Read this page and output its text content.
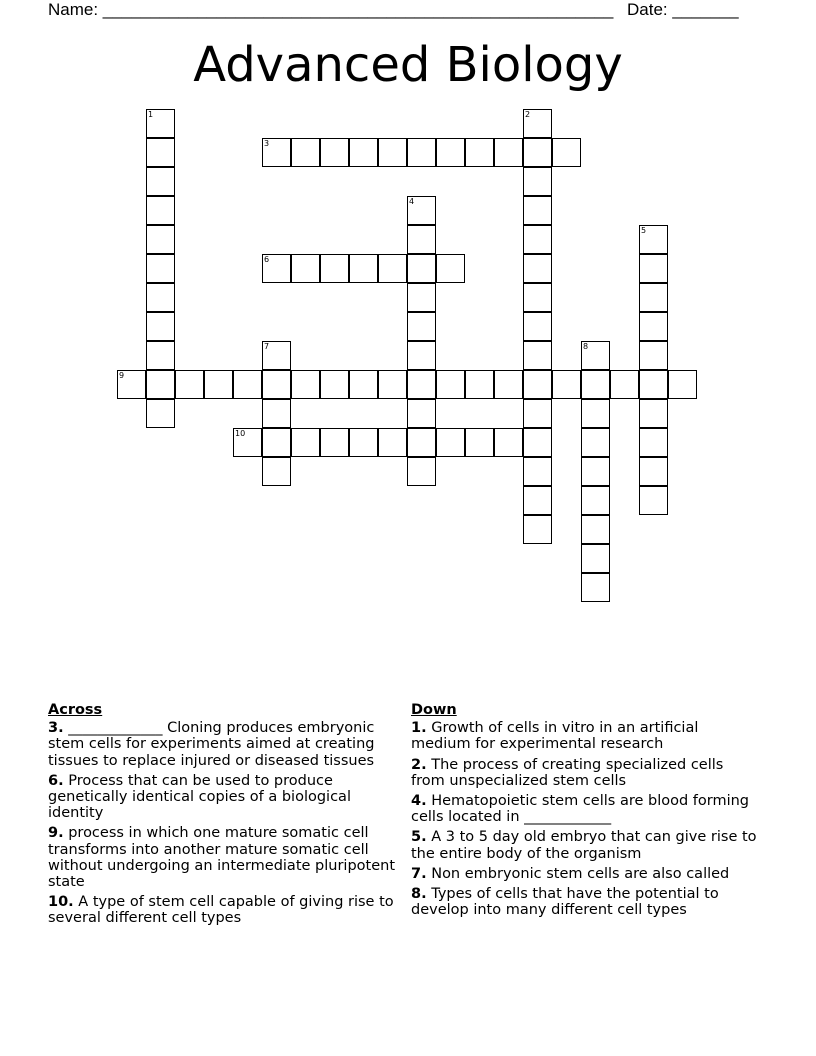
Name: ______________________________________________________ Date: _______
Advanced Biology
1	2
3
4
5
6
7	8
9
10
Across
3. _____________ Cloning produces embryonic stem cells for experiments aimed at creating tissues to replace injured or diseased tissues
6. Process that can be used to produce genetically identical copies of a biological identity
9. process in which one mature somatic cell transforms into another mature somatic cell without undergoing an intermediate pluripotent state
10. A type of stem cell capable of giving rise to several different cell types
Down
1. Growth of cells in vitro in an artificial medium for experimental research
2. The process of creating specialized cells from unspecialized stem cells
4. Hematopoietic stem cells are blood forming cells located in ____________
5. A 3 to 5 day old embryo that can give rise to the entire body of the organism
7. Non embryonic stem cells are also called
8. Types of cells that have the potential to develop into many different cell types
